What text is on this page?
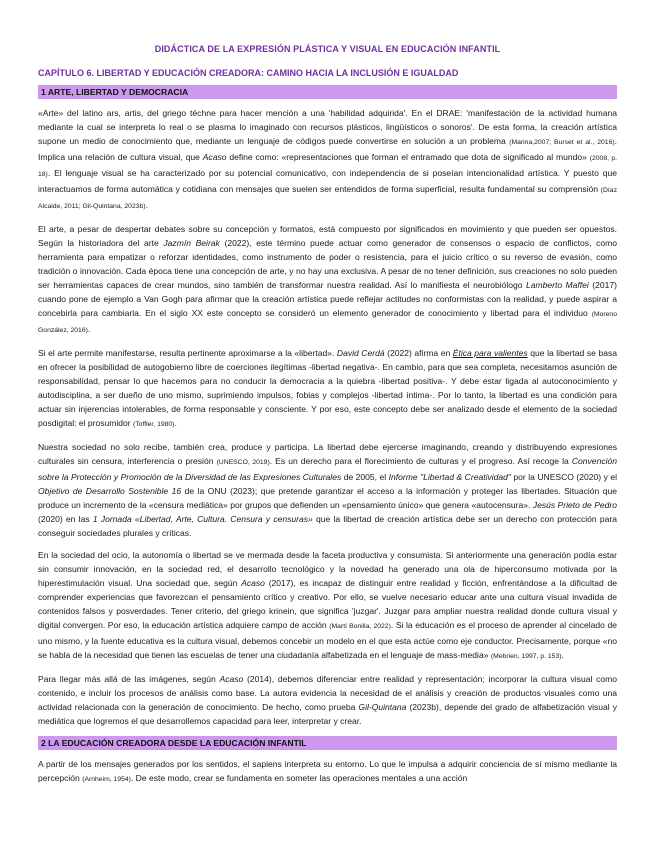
DIDÁCTICA DE LA EXPRESIÓN PLÁSTICA Y VISUAL EN EDUCACIÓN INFANTIL
CAPÍTULO 6. LIBERTAD Y EDUCACIÓN CREADORA: CAMINO HACIA LA INCLUSIÓN E IGUALDAD
1 ARTE, LIBERTAD Y DEMOCRACIA

«Arte» del latino ars, artis, del griego téchne para hacer mención a una 'habilidad adquirida'. En el DRAE: 'manifestación de la actividad humana mediante la cual se interpreta lo real o se plasma lo imaginado con recursos plásticos, lingüísticos o sonoros'. De esta forma, la creación artística supone un medio de conocimiento que, mediante un lenguaje de códigos puede convertirse en solución a un problema (Marina,2007; Burset et al., 2016). Implica una relación de cultura visual, que Acaso define como: «representaciones que forman el entramado que dota de significado al mundo» (2008, p. 18). El lenguaje visual se ha caracterizado por su potencial comunicativo, con independencia de si poseían intencionalidad artística. Y puesto que interactuamos de forma automática y cotidiana con mensajes que suelen ser entendidos de forma superficial, resulta fundamental su comprensión (Díaz Alcaide, 2011; Gil-Quintana, 2023b).

El arte, a pesar de despertar debates sobre su concepción y formatos, está compuesto por significados en movimiento y que pueden ser opuestos. Según la historiadora del arte Jazmín Beirak (2022), este término puede actuar como generador de consensos o espacio de conflictos, como herramienta para empatizar o reforzar identidades, como instrumento de poder o resistencia, para el juicio crítico o su reverso de evasión, como tradición o innovación. Cada época tiene una concepción de arte, y no hay una exclusiva. A pesar de no tener definición, sus creaciones no solo pueden ser herramientas capaces de crear mundos, sino también de transformar nuestra realidad. Así lo manifiesta el neurobiólogo Lamberto Maffei (2017) cuando pone de ejemplo a Van Gogh para afirmar que la creación artística puede reflejar actitudes no conformistas con la realidad, y puede aspirar a concebirla para cambiarla. En el siglo XX este concepto se consideró un elemento generador de conocimiento y libertad para el individuo (Moreno González, 2016).

Si el arte permite manifestarse, resulta pertinente aproximarse a la «libertad». David Cerdá (2022) afirma en Ética para valientes que la libertad se basa en ofrecer la posibilidad de autogobierno libre de coerciones ilegítimas -libertad negativa-. En cambio, para que sea completa, necesitamos asunción de responsabilidad, pensar lo que hacemos para no conducir la democracia a la quiebra -libertad positiva-. Y debe estar ligada al autoconocimiento y autodisciplina, a ser dueño de uno mismo, suprimiendo impulsos, fobias y complejos -libertad íntima-. Por lo tanto, la libertad es una condición para actuar sin injerencias intolerables, de forma responsable y consciente. Y por eso, este concepto debe ser analizado desde el elemento de la sociedad posdigital: el prosumidor (Toffler, 1980).

Nuestra sociedad no solo recibe, también crea, produce y participa. La libertad debe ejercerse imaginando, creando y distribuyendo expresiones culturales sin censura, interferencia o presión (UNESCO, 2019). Es un derecho para el florecimiento de culturas y el progreso. Así recoge la Convención sobre la Protección y Promoción de la Diversidad de las Expresiones Culturales de 2005, el Informe "Libertad & Creatividad" por la UNESCO (2020) y el Objetivo de Desarrollo Sostenible 16 de la ONU (2023); que pretende garantizar el acceso a la información y proteger las libertades. Situación que produce un incremento de la «censura mediática» por grupos que defienden un «pensamiento único» que genera «autocensura». Jesús Prieto de Pedro (2020) en las 1 Jornada «Libertad, Arte, Cultura. Censura y censuras» que la libertad de creación artística debe ser un derecho con protección para conseguir sociedades plurales y críticas.

En la sociedad del ocio, la autonomía o libertad se ve mermada desde la faceta productiva y consumista. Si anteriormente una generación podía estar sin consumir innovación, en la sociedad red, el desarrollo tecnológico y la novedad ha generado una ola de hiperconsumo motivada por la hiperestimulación visual. Una sociedad que, según Acaso (2017), es incapaz de distinguir entre realidad y ficción, enfrentándose a la dificultad de comprender experiencias que favorezcan el pensamiento crítico y creativo. Por ello, se vuelve necesario educar ante una cultura visual invadida de contenidos falsos y posverdades. Tener criterio, del griego krinein, que significa 'juzgar'. Juzgar para ampliar nuestra realidad donde cultura visual y digital convergen. Por eso, la educación artística adquiere campo de acción (Martí Bonilla, 2022). Si la educación es el proceso de aprender al cincelado de uno mismo, y la fuente educativa es la cultura visual, debemos concebir un modelo en el que esta actúe como eje conductor. Precisamente, porque «no se habla de la necesidad que tienen las escuelas de tener una ciudadanía alfabetizada en el lenguaje de mass-media» (Mebrien, 1997, p. 153).

Para llegar más allá de las imágenes, según Acaso (2014), debemos diferenciar entre realidad y representación; incorporar la cultura visual como contenido, e incluir los procesos de análisis como base. La autora evidencia la necesidad de el análisis y creación de productos visuales como una actividad relacionada con la generación de conocimiento. De hecho, como prueba Gil-Quintana (2023b), depende del grado de alfabetización visual y mediática que logremos el que desarrollemos capacidad para leer, interpretar y crear.

2 LA EDUCACIÓN CREADORA DESDE LA EDUCACIÓN INFANTIL

A partir de los mensajes generados por los sentidos, el sapiens interpreta su entorno. Lo que le impulsa a adquirir conciencia de sí mismo mediante la percepción (Arnheim, 1954). De este modo, crear se fundamenta en someter las operaciones mentales a una acción
